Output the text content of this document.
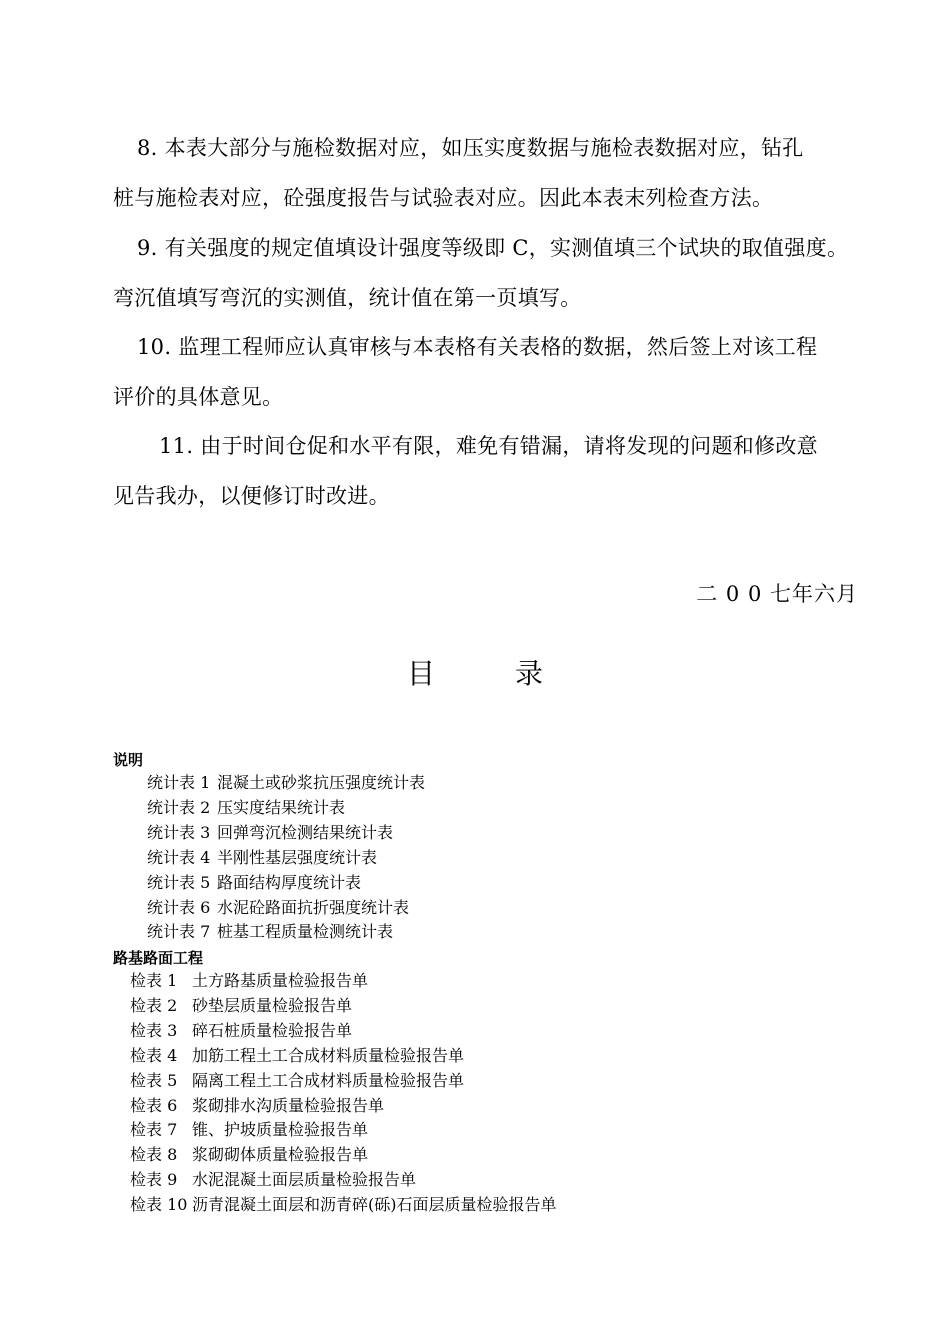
8. 本表大部分与施检数据对应，如压实度数据与施检表数据对应，钻孔
桩与施检表对应，砼强度报告与试验表对应。因此本表末列检查方法。

9. 有关强度的规定值填设计强度等级即 C，实测值填三个试块的取值强度。
弯沉值填写弯沉的实测值，统计值在第一页填写。

10. 监理工程师应认真审核与本表格有关表格的数据，然后签上对该工程
评价的具体意见。

11. 由于时间仓促和水平有限，难免有错漏，请将发现的问题和修改意
见告我办，以便修订时改进。

二 0 0 七年六月
目	录
说明
统计表 1 混凝土或砂浆抗压强度统计表
统计表 2 压实度结果统计表
统计表 3 回弹弯沉检测结果统计表
统计表 4 半刚性基层强度统计表
统计表 5 路面结构厚度统计表
统计表 6 水泥砼路面抗折强度统计表
统计表 7 桩基工程质量检测统计表
路基路面工程
检表 1 土方路基质量检验报告单
检表 2 砂垫层质量检验报告单
检表 3 碎石桩质量检验报告单
检表 4 加筋工程土工合成材料质量检验报告单
检表 5 隔离工程土工合成材料质量检验报告单
检表 6 浆砌排水沟质量检验报告单
检表 7 锥、护坡质量检验报告单
检表 8 浆砌砌体质量检验报告单
检表 9 水泥混凝土面层质量检验报告单
检表 10 沥青混凝土面层和沥青碎(砾)石面层质量检验报告单
